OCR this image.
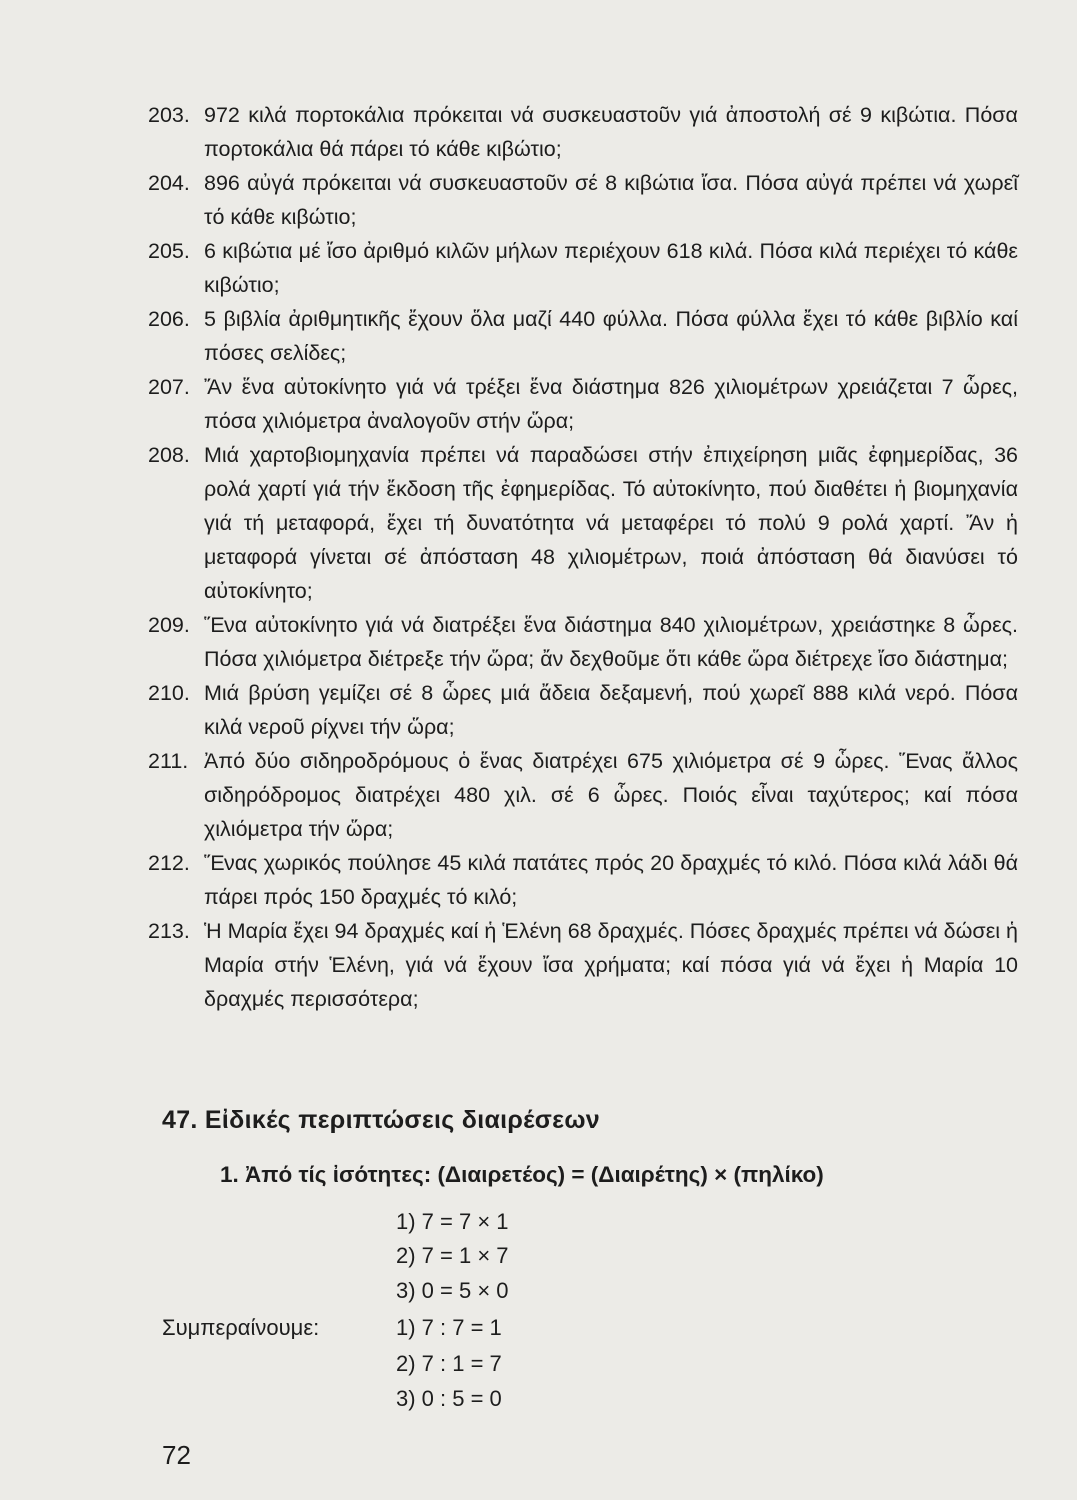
203. 972 κιλά πορτοκάλια πρόκειται νά συσκευαστοῦν γιά ἀποστολή σέ 9 κιβώτια. Πόσα πορτοκάλια θά πάρει τό κάθε κιβώτιο;
204. 896 αὐγά πρόκειται νά συσκευαστοῦν σέ 8 κιβώτια ἴσα. Πόσα αὐγά πρέπει νά χωρεῖ τό κάθε κιβώτιο;
205. 6 κιβώτια μέ ἴσο ἀριθμό κιλῶν μήλων περιέχουν 618 κιλά. Πόσα κιλά περιέχει τό κάθε κιβώτιο;
206. 5 βιβλία ἀριθμητικῆς ἔχουν ὅλα μαζί 440 φύλλα. Πόσα φύλλα ἔχει τό κάθε βιβλίο καί πόσες σελίδες;
207. Ἄν ἕνα αὐτοκίνητο γιά νά τρέξει ἕνα διάστημα 826 χιλιομέτρων χρειάζεται 7 ὧρες, πόσα χιλιόμετρα ἀναλογοῦν στήν ὥρα;
208. Μιά χαρτοβιομηχανία πρέπει νά παραδώσει στήν ἐπιχείρηση μιᾶς ἐφημερίδας, 36 ρολά χαρτί γιά τήν ἔκδοση τῆς ἐφημερίδας. Τό αὐτοκίνητο, πού διαθέτει ἡ βιομηχανία γιά τή μεταφορά, ἔχει τή δυνατότητα νά μεταφέρει τό πολύ 9 ρολά χαρτί. Ἄν ἡ μεταφορά γίνεται σέ ἀπόσταση 48 χιλιομέτρων, ποιά ἀπόσταση θά διανύσει τό αὐτοκίνητο;
209. Ἕνα αὐτοκίνητο γιά νά διατρέξει ἕνα διάστημα 840 χιλιομέτρων, χρειάστηκε 8 ὧρες. Πόσα χιλιόμετρα διέτρεξε τήν ὥρα; ἄν δεχθοῦμε ὅτι κάθε ὥρα διέτρεχε ἴσο διάστημα;
210. Μιά βρύση γεμίζει σέ 8 ὧρες μιά ἄδεια δεξαμενή, πού χωρεῖ 888 κιλά νερό. Πόσα κιλά νεροῦ ρίχνει τήν ὥρα;
211. Ἀπό δύο σιδηροδρόμους ὁ ἕνας διατρέχει 675 χιλιόμετρα σέ 9 ὧρες. Ἕνας ἄλλος σιδηρόδρομος διατρέχει 480 χιλ. σέ 6 ὧρες. Ποιός εἶναι ταχύτερος; καί πόσα χιλιόμετρα τήν ὥρα;
212. Ἕνας χωρικός πούλησε 45 κιλά πατάτες πρός 20 δραχμές τό κιλό. Πόσα κιλά λάδι θά πάρει πρός 150 δραχμές τό κιλό;
213. Ἡ Μαρία ἔχει 94 δραχμές καί ἡ Ἑλένη 68 δραχμές. Πόσες δραχμές πρέπει νά δώσει ἡ Μαρία στήν Ἑλένη, γιά νά ἔχουν ἴσα χρήματα; καί πόσα γιά νά ἔχει ἡ Μαρία 10 δραχμές περισσότερα;
47. Εἰδικές περιπτώσεις διαιρέσεων
1. Ἀπό τίς ἰσότητες: (Διαιρετέος) = (Διαιρέτης) × (πηλίκο)
1) 7 = 7 × 1
2) 7 = 1 × 7
3) 0 = 5 × 0
Συμπεραίνουμε:	1) 7 : 7 = 1
2) 7 : 1 = 7
3) 0 : 5 = 0
72
